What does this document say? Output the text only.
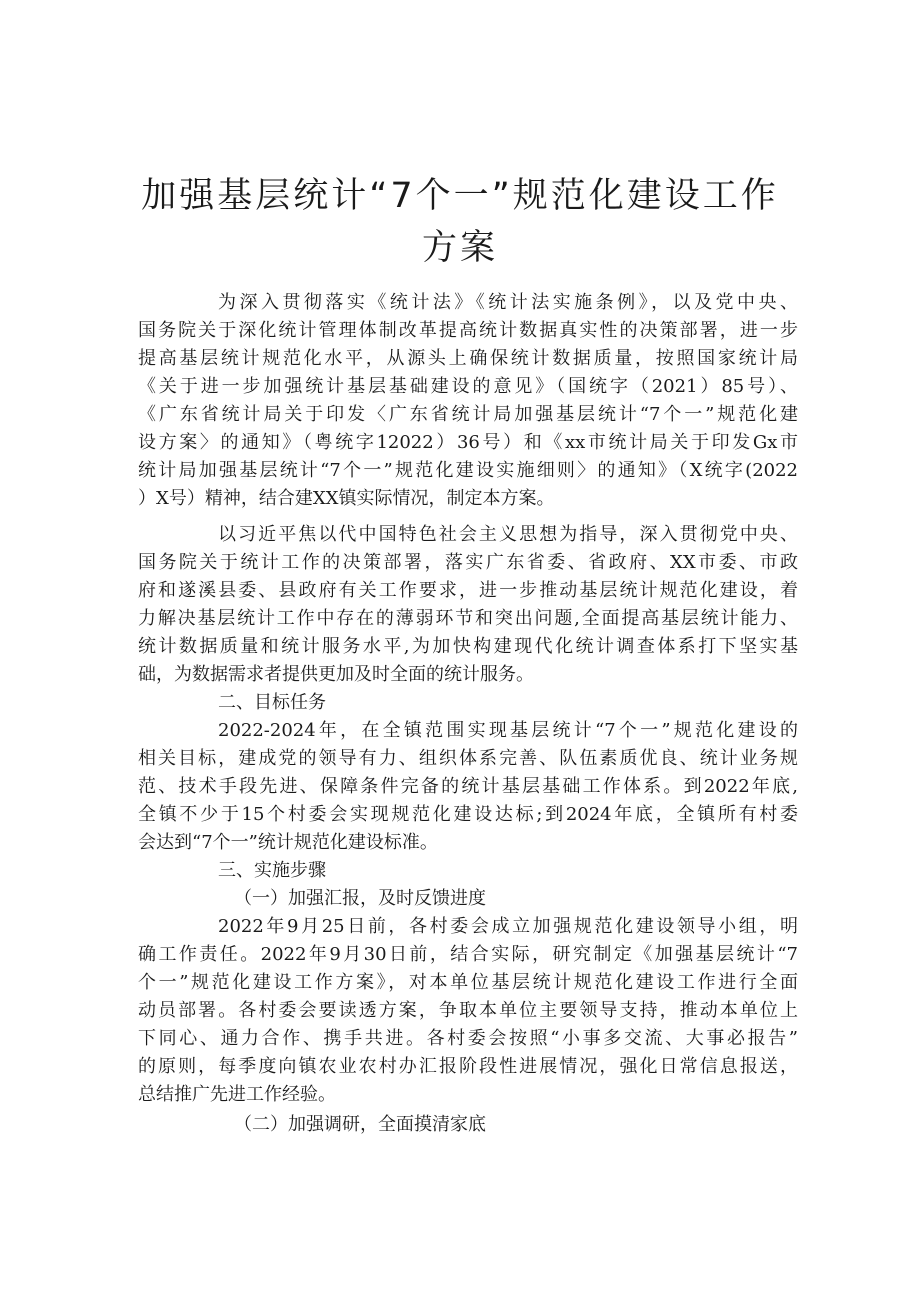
加强基层统计“7个一”规范化建设工作
方案
为深入贯彻落实《统计法》《统计法实施条例》，以及党中央、
国务院关于深化统计管理体制改革提高统计数据真实性的决策部署，进一步
提高基层统计规范化水平，从源头上确保统计数据质量，按照国家统计局
《关于进一步加强统计基层基础建设的意见》（国统字（2021）85号）、
《广东省统计局关于印发〈广东省统计局加强基层统计“7个一”规范化建
设方案〉的通知》（粤统字12022）36号）和《xx市统计局关于印发Gx市
统计局加强基层统计“7个一”规范化建设实施细则〉的通知》（X统字(2022
）X号）精神，结合建XX镇实际情况，制定本方案。
以习近平焦以代中国特色社会主义思想为指导，深入贯彻党中央、
国务院关于统计工作的决策部署，落实广东省委、省政府、XX市委、市政
府和遂溪县委、县政府有关工作要求，进一步推动基层统计规范化建设，着
力解决基层统计工作中存在的薄弱环节和突出问题,全面提高基层统计能力、
统计数据质量和统计服务水平,为加快构建现代化统计调查体系打下坚实基
础，为数据需求者提供更加及时全面的统计服务。
二、目标任务
2022-2024年，在全镇范围实现基层统计“7个一”规范化建设的
相关目标，建成党的领导有力、组织体系完善、队伍素质优良、统计业务规
范、技术手段先进、保障条件完备的统计基层基础工作体系。到2022年底,
全镇不少于15个村委会实现规范化建设达标;到2024年底，全镇所有村委
会达到“7个一”统计规范化建设标准。
三、实施步骤
（一）加强汇报，及时反馈进度
2022年9月25日前，各村委会成立加强规范化建设领导小组，明
确工作责任。2022年9月30日前，结合实际，研究制定《加强基层统计“7
个一”规范化建设工作方案》，对本单位基层统计规范化建设工作进行全面
动员部署。各村委会要读透方案，争取本单位主要领导支持，推动本单位上
下同心、通力合作、携手共进。各村委会按照“小事多交流、大事必报告”
的原则，每季度向镇农业农村办汇报阶段性进展情况，强化日常信息报送，
总结推广先进工作经验。
（二）加强调研，全面摸清家底
